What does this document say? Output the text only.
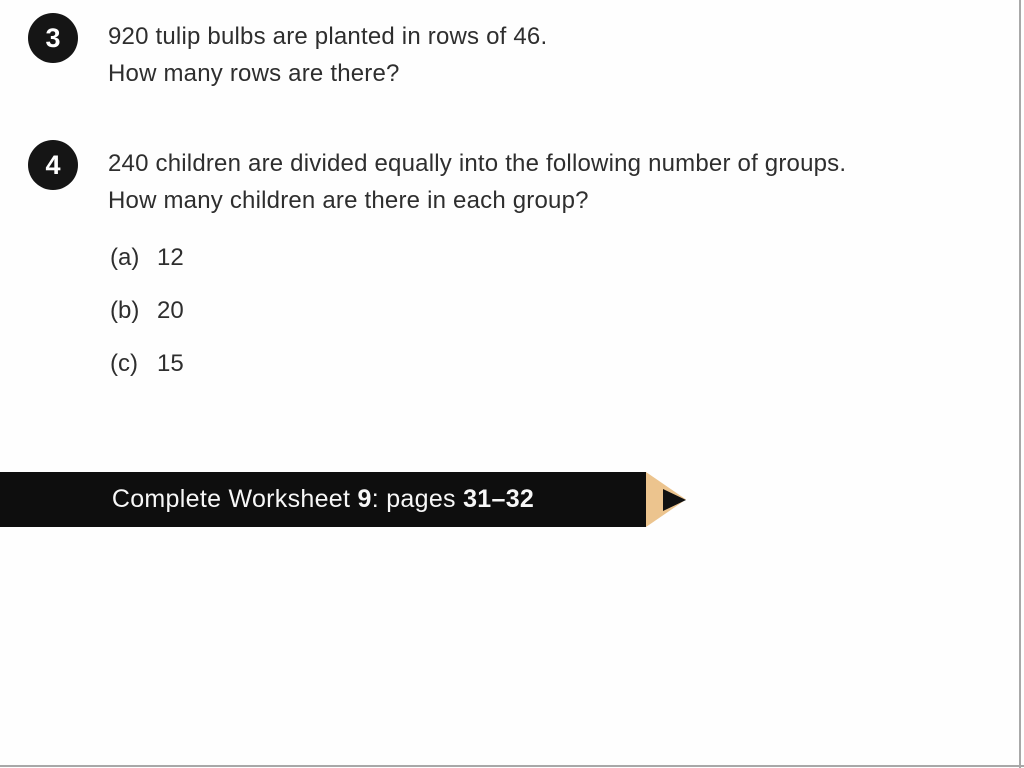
3	920 tulip bulbs are planted in rows of 46.
How many rows are there?
4	240 children are divided equally into the following number of groups.
How many children are there in each group?
(a) 12
(b) 20
(c) 15
Complete Worksheet 9: pages 31–32
